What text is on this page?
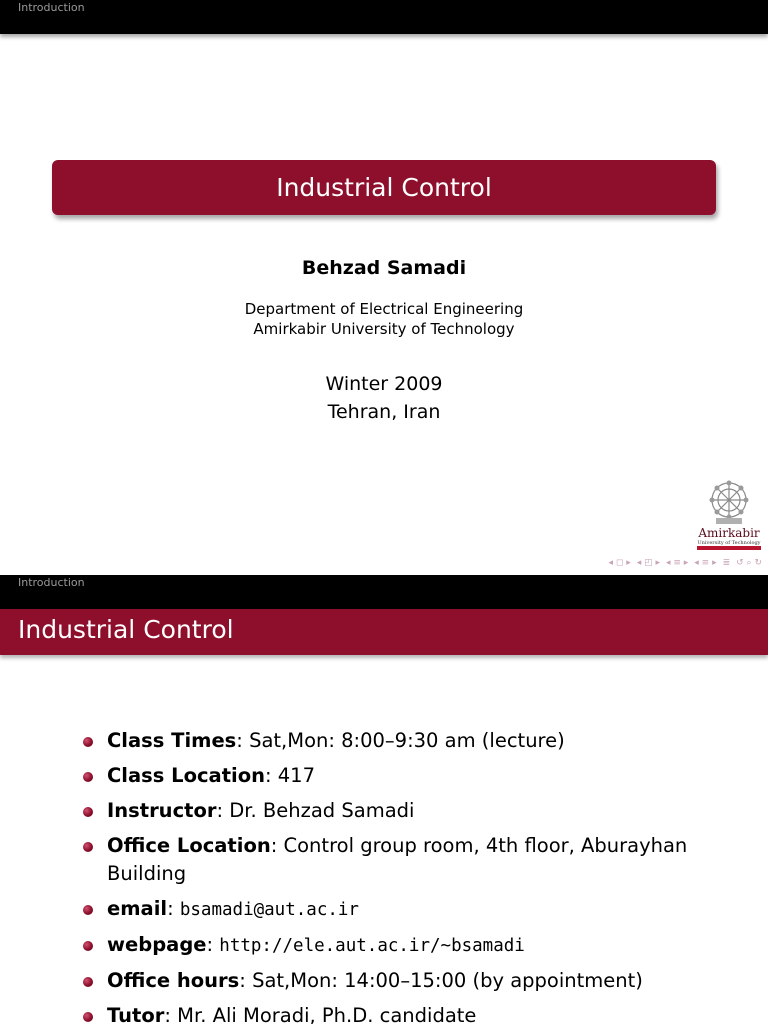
Introduction
Industrial Control
Behzad Samadi
Department of Electrical Engineering
Amirkabir University of Technology
Winter 2009
Tehran, Iran
Amirkabir
University of Technology
◂ ◻ ▸ ◂ ◰ ▸ ◂ ≡ ▸ ◂ ≡ ▸ ≣ ↺ ⌕ ↻
Introduction
Industrial Control
Class Times: Sat,Mon: 8:00–9:30 am (lecture)
Class Location: 417
Instructor: Dr. Behzad Samadi
Office Location: Control group room, 4th floor, Aburayhan Building
email: bsamadi@aut.ac.ir
webpage: http://ele.aut.ac.ir/~bsamadi
Office hours: Sat,Mon: 14:00–15:00 (by appointment)
Tutor: Mr. Ali Moradi, Ph.D. candidate
